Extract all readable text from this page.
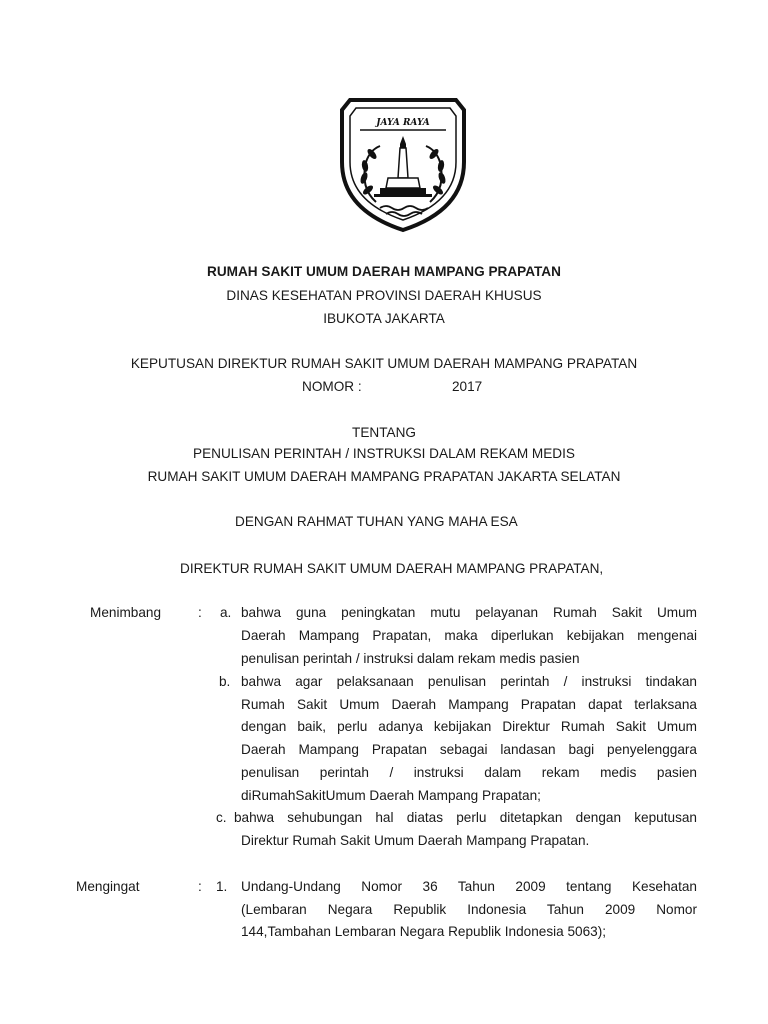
JAYA RAYA
RUMAH SAKIT UMUM DAERAH MAMPANG PRAPATAN
DINAS KESEHATAN PROVINSI DAERAH KHUSUS
IBUKOTA JAKARTA
KEPUTUSAN DIREKTUR RUMAH SAKIT UMUM DAERAH MAMPANG PRAPATAN
NOMOR :	2017
TENTANG
PENULISAN PERINTAH / INSTRUKSI DALAM REKAM MEDIS
RUMAH SAKIT UMUM DAERAH MAMPANG PRAPATAN JAKARTA SELATAN
DENGAN RAHMAT TUHAN YANG MAHA ESA
DIREKTUR RUMAH SAKIT UMUM DAERAH MAMPANG PRAPATAN,
Menimbang	: a. bahwa guna peningkatan mutu pelayanan Rumah Sakit Umum
Daerah Mampang Prapatan, maka diperlukan kebijakan mengenai
penulisan perintah / instruksi dalam rekam medis pasien
b. bahwa agar pelaksanaan penulisan perintah / instruksi tindakan
Rumah Sakit Umum Daerah Mampang Prapatan dapat terlaksana
dengan baik, perlu adanya kebijakan Direktur Rumah Sakit Umum
Daerah Mampang Prapatan sebagai landasan bagi penyelenggara
penulisan perintah / instruksi dalam rekam medis pasien
diRumahSakitUmum Daerah Mampang Prapatan;
c. bahwa sehubungan hal diatas perlu ditetapkan dengan keputusan
Direktur Rumah Sakit Umum Daerah Mampang Prapatan.
Mengingat	: 1. Undang-Undang Nomor 36 Tahun 2009 tentang Kesehatan
(Lembaran Negara Republik Indonesia Tahun 2009 Nomor
144,Tambahan Lembaran Negara Republik Indonesia 5063);
